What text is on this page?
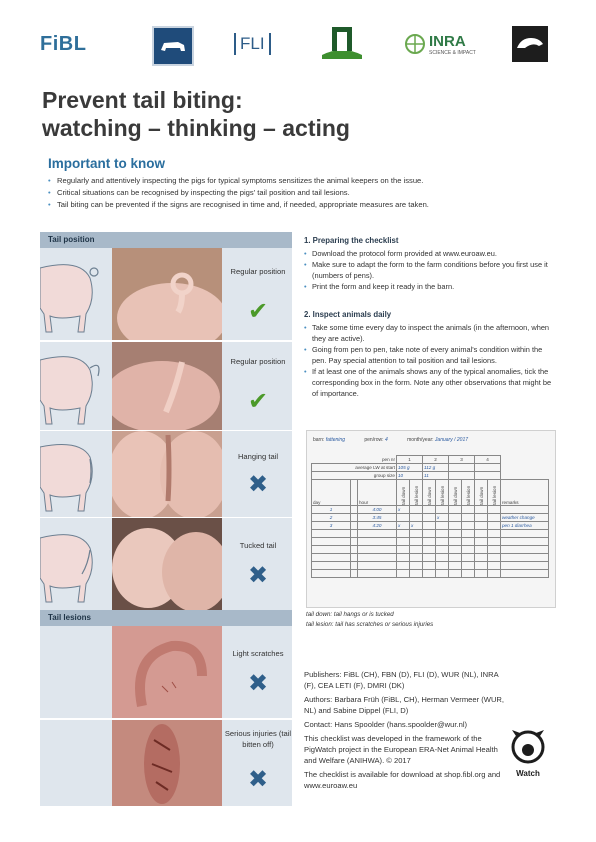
FiBL	FLI	INRA
SCIENCE & IMPACT
Prevent tail biting:
watching – thinking – acting
Important to know
• Regularly and attentively inspecting the pigs for typical symptoms sensitizes the animal keepers on the issue.
• Critical situations can be recognised by inspecting the pigs' tail position and tail lesions.
• Tail biting can be prevented if the signs are recognised in time and, if needed, appropriate measures are taken.
Tail position
Regular position
✔
Regular position
✔
Hanging tail
✖
Tucked tail
✖
Tail lesions
Light scratches
✖
Serious injuries (tail bitten off)
✖
1. Preparing the checklist
• Download the protocol form provided at www.euroaw.eu.
• Make sure to adapt the form to the farm conditions before you first use it (numbers of pens).
• Print the form and keep it ready in the barn.
2. Inspect animals daily
• Take some time every day to inspect the animals (in the afternoon, when they are active).
• Going from pen to pen, take note of every animal's condition within the pen. Pay special attention to tail position and tail lesions.
• If at least one of the animals shows any of the typical anomalies, tick the corresponding box in the form. Note any other observations that might be of importance.
barn: fattening	pen/row: 4	month/year: January / 2017
pen nr			1		2		3		4		
average LW at start			105 g		112 g						
group size			10		11						
day		hour	tail down	tail lesion	tail down	tail lesion	tail down	tail lesion	tail down	tail lesion	remarks
1		4:00	x								
2		3:45				x					weather change
3		4:20	x	x							pen 1 diarrhea

tail down: tail hangs or is tucked
tail lesion: tail has scratches or serious injuries
Publishers: FiBL (CH), FBN (D), FLI (D), WUR (NL), INRA (F), CEA LETI (F), DMRI (DK)
Authors: Barbara Früh (FiBL, CH), Herman Vermeer (WUR, NL) and Sabine Dippel (FLI, D)
Contact: Hans Spoolder (hans.spoolder@wur.nl)
This checklist was developed in the framework of the PigWatch project in the European ERA-Net Animal Health and Welfare (ANIHWA). © 2017
The checklist is available for download at shop.fibl.org and www.euroaw.eu
Watch
